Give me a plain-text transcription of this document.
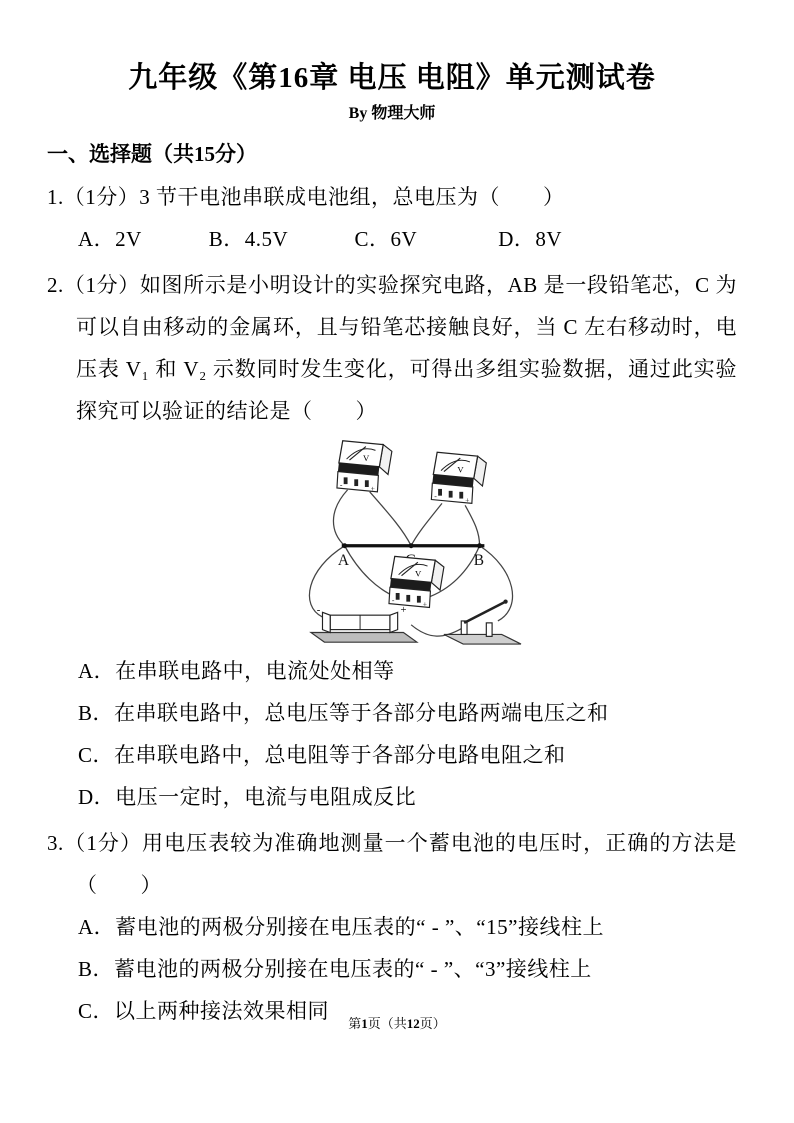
九年级《第16章 电压 电阻》单元测试卷
By 物理大师
一、选择题（共15分）
1.（1分）3 节干电池串联成电池组，总电压为（　　）
A．2V	B．4.5V	C．6V	D．8V
2.（1分）如图所示是小明设计的实验探究电路，AB 是一段铅笔芯，C 为可以自由移动的金属环，且与铅笔芯接触良好，当 C 左右移动时，电压表 V₁ 和 V₂ 示数同时发生变化，可得出多组实验数据，通过此实验探究可以验证的结论是（　　）
A	B
V
-	+
V
-	+
V
-	+
-	+
A．在串联电路中，电流处处相等
B．在串联电路中，总电压等于各部分电路两端电压之和
C．在串联电路中，总电阻等于各部分电路电阻之和
D．电压一定时，电流与电阻成反比
3.（1分）用电压表较为准确地测量一个蓄电池的电压时，正确的方法是（　　）
A．蓄电池的两极分别接在电压表的“ - ”、“15”接线柱上
B．蓄电池的两极分别接在电压表的“ - ”、“3”接线柱上
C．以上两种接法效果相同
第1页（共12页）
